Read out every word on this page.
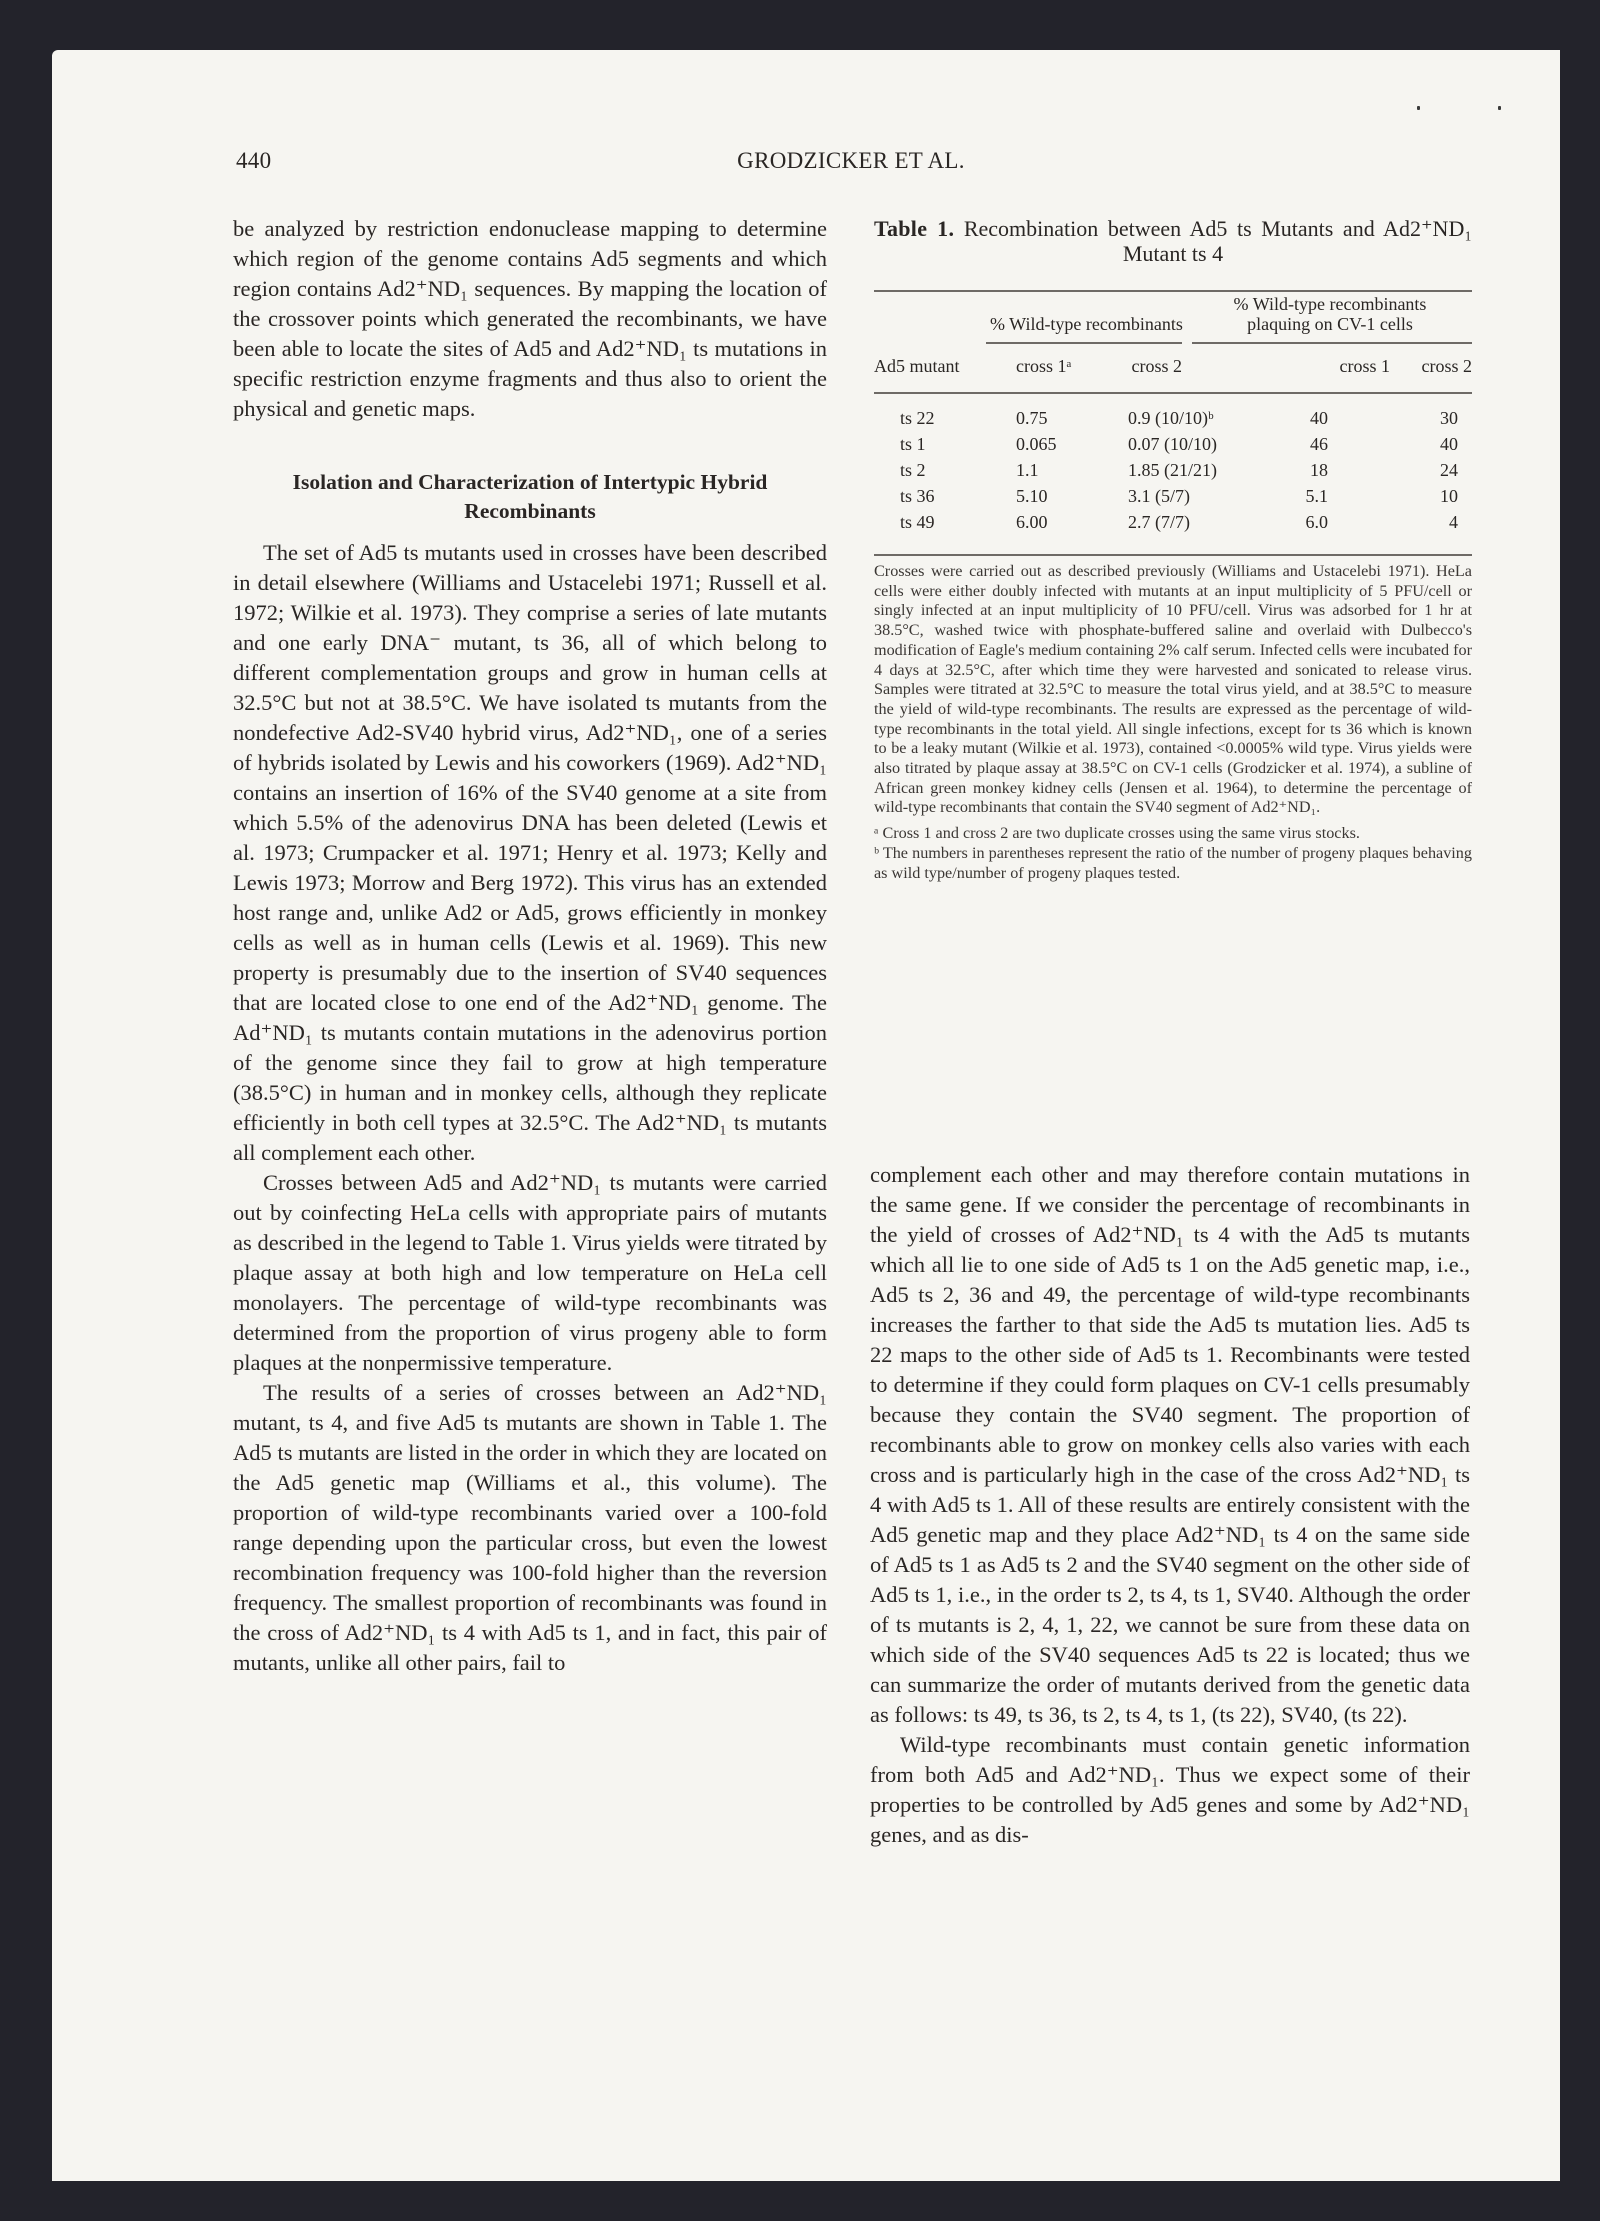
440	GRODZICKER ET AL.

be analyzed by restriction endonuclease mapping to determine which region of the genome contains Ad5 segments and which region contains Ad2⁺ND₁ sequences. By mapping the location of the crossover points which generated the recombinants, we have been able to locate the sites of Ad5 and Ad2⁺ND₁ ts mutations in specific restriction enzyme fragments and thus also to orient the physical and genetic maps.

Isolation and Characterization of Intertypic Hybrid Recombinants

The set of Ad5 ts mutants used in crosses have been described in detail elsewhere (Williams and Ustacelebi 1971; Russell et al. 1972; Wilkie et al. 1973). They comprise a series of late mutants and one early DNA⁻ mutant, ts 36, all of which belong to different complementation groups and grow in human cells at 32.5°C but not at 38.5°C. We have isolated ts mutants from the nondefective Ad2-SV40 hybrid virus, Ad2⁺ND₁, one of a series of hybrids isolated by Lewis and his coworkers (1969). Ad2⁺ND₁ contains an insertion of 16% of the SV40 genome at a site from which 5.5% of the adenovirus DNA has been deleted (Lewis et al. 1973; Crumpacker et al. 1971; Henry et al. 1973; Kelly and Lewis 1973; Morrow and Berg 1972). This virus has an extended host range and, unlike Ad2 or Ad5, grows efficiently in monkey cells as well as in human cells (Lewis et al. 1969). This new property is presumably due to the insertion of SV40 sequences that are located close to one end of the Ad2⁺ND₁ genome. The Ad⁺ND₁ ts mutants contain mutations in the adenovirus portion of the genome since they fail to grow at high temperature (38.5°C) in human and in monkey cells, although they replicate efficiently in both cell types at 32.5°C. The Ad2⁺ND₁ ts mutants all complement each other.

Crosses between Ad5 and Ad2⁺ND₁ ts mutants were carried out by coinfecting HeLa cells with appropriate pairs of mutants as described in the legend to Table 1. Virus yields were titrated by plaque assay at both high and low temperature on HeLa cell monolayers. The percentage of wild-type recombinants was determined from the proportion of virus progeny able to form plaques at the nonpermissive temperature.

The results of a series of crosses between an Ad2⁺ND₁ mutant, ts 4, and five Ad5 ts mutants are shown in Table 1. The Ad5 ts mutants are listed in the order in which they are located on the Ad5 genetic map (Williams et al., this volume). The proportion of wild-type recombinants varied over a 100-fold range depending upon the particular cross, but even the lowest recombination frequency was 100-fold higher than the reversion frequency. The smallest proportion of recombinants was found in the cross of Ad2⁺ND₁ ts 4 with Ad5 ts 1, and in fact, this pair of mutants, unlike all other pairs, fail to

Table 1. Recombination between Ad5 ts Mutants and Ad2⁺ND₁ Mutant ts 4
% Wild-type recombinants
% Wild-type recombinants
plaquing on CV-1 cells
Ad5 mutant	cross 1ᵃ	cross 2	cross 1 cross 2
ts 22	0.75	0.9 (10/10)ᵇ	40	30
ts 1	0.065	0.07 (10/10)	46	40
ts 2	1.1	1.85 (21/21)	18	24
ts 36	5.10	3.1 (5/7)	5.1	10
ts 49	6.00	2.7 (7/7)	6.0	4

Crosses were carried out as described previously (Williams and Ustacelebi 1971). HeLa cells were either doubly infected with mutants at an input multiplicity of 5 PFU/cell or singly infected at an input multiplicity of 10 PFU/cell. Virus was adsorbed for 1 hr at 38.5°C, washed twice with phosphate-buffered saline and overlaid with Dulbecco's modification of Eagle's medium containing 2% calf serum. Infected cells were incubated for 4 days at 32.5°C, after which time they were harvested and sonicated to release virus. Samples were titrated at 32.5°C to measure the total virus yield, and at 38.5°C to measure the yield of wild-type recombinants. The results are expressed as the percentage of wild-type recombinants in the total yield. All single infections, except for ts 36 which is known to be a leaky mutant (Wilkie et al. 1973), contained <0.0005% wild type. Virus yields were also titrated by plaque assay at 38.5°C on CV-1 cells (Grodzicker et al. 1974), a subline of African green monkey kidney cells (Jensen et al. 1964), to determine the percentage of wild-type recombinants that contain the SV40 segment of Ad2⁺ND₁.

ᵃ Cross 1 and cross 2 are two duplicate crosses using the same virus stocks.

ᵇ The numbers in parentheses represent the ratio of the number of progeny plaques behaving as wild type/number of progeny plaques tested.

complement each other and may therefore contain mutations in the same gene. If we consider the percentage of recombinants in the yield of crosses of Ad2⁺ND₁ ts 4 with the Ad5 ts mutants which all lie to one side of Ad5 ts 1 on the Ad5 genetic map, i.e., Ad5 ts 2, 36 and 49, the percentage of wild-type recombinants increases the farther to that side the Ad5 ts mutation lies. Ad5 ts 22 maps to the other side of Ad5 ts 1. Recombinants were tested to determine if they could form plaques on CV-1 cells presumably because they contain the SV40 segment. The proportion of recombinants able to grow on monkey cells also varies with each cross and is particularly high in the case of the cross Ad2⁺ND₁ ts 4 with Ad5 ts 1. All of these results are entirely consistent with the Ad5 genetic map and they place Ad2⁺ND₁ ts 4 on the same side of Ad5 ts 1 as Ad5 ts 2 and the SV40 segment on the other side of Ad5 ts 1, i.e., in the order ts 2, ts 4, ts 1, SV40. Although the order of ts mutants is 2, 4, 1, 22, we cannot be sure from these data on which side of the SV40 sequences Ad5 ts 22 is located; thus we can summarize the order of mutants derived from the genetic data as follows: ts 49, ts 36, ts 2, ts 4, ts 1, (ts 22), SV40, (ts 22).

Wild-type recombinants must contain genetic information from both Ad5 and Ad2⁺ND₁. Thus we expect some of their properties to be controlled by Ad5 genes and some by Ad2⁺ND₁ genes, and as dis-
